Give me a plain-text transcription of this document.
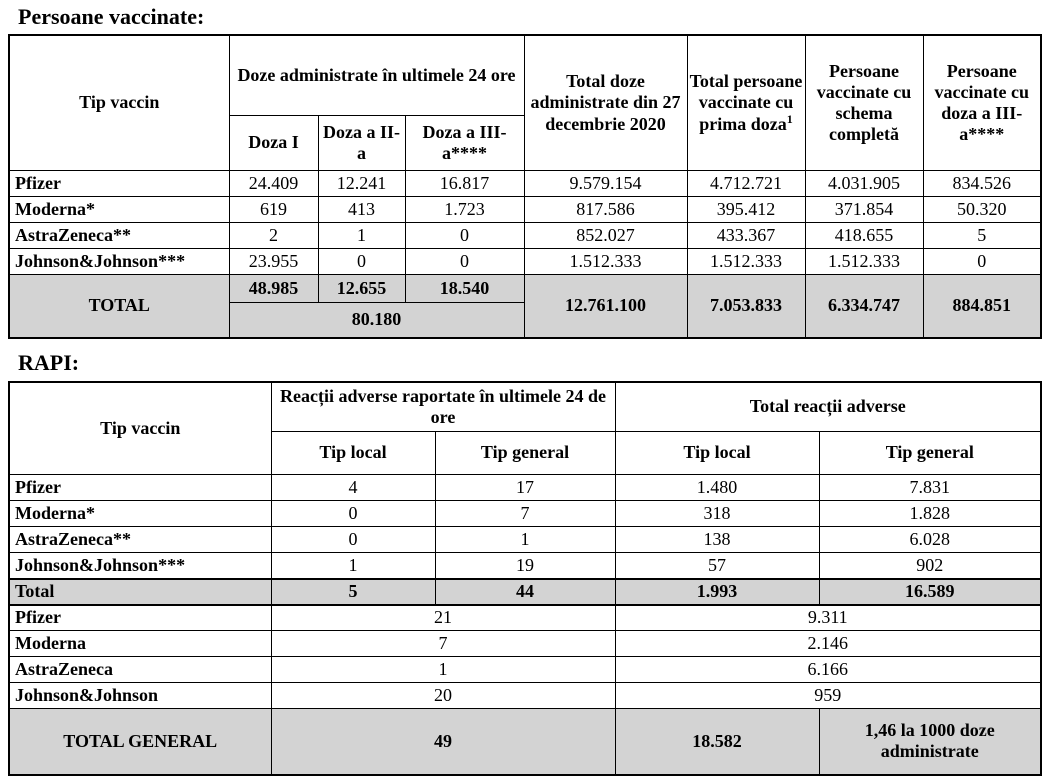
Persoane vaccinate:
Tip vaccin	Doze administrate în ultimele 24 ore			Total doze administrate din 27 decembrie 2020	Total persoane vaccinate cu prima doza$^1$	Persoane vaccinate cu schema completă	Persoane vaccinate cu doza a III-a****
	Doza I	Doza a II-a	Doza a III-a****				
Pfizer	24.409	12.241	16.817	9.579.154	4.712.721	4.031.905	834.526
Moderna*	619	413	1.723	817.586	395.412	371.854	50.320
AstraZeneca**	2	1	0	852.027	433.367	418.655	5
Johnson&Johnson***	23.955	0	0	1.512.333	1.512.333	1.512.333	0
TOTAL	48.985	12.655	18.540	12.761.100	7.053.833	6.334.747	884.851
	80.180						
RAPI:
Tip vaccin	Reacții adverse raportate în ultimele 24 de ore		Total reacții adverse	
	Tip local	Tip general	Tip local	Tip general
Pfizer	4	17	1.480	7.831
Moderna*	0	7	318	1.828
AstraZeneca**	0	1	138	6.028
Johnson&Johnson***	1	19	57	902
Total	5	44	1.993	16.589
Pfizer	21		9.311	
Moderna	7		2.146	
AstraZeneca	1		6.166	
Johnson&Johnson	20		959	
TOTAL GENERAL	49		18.582	1,46 la 1000 doze administrate
